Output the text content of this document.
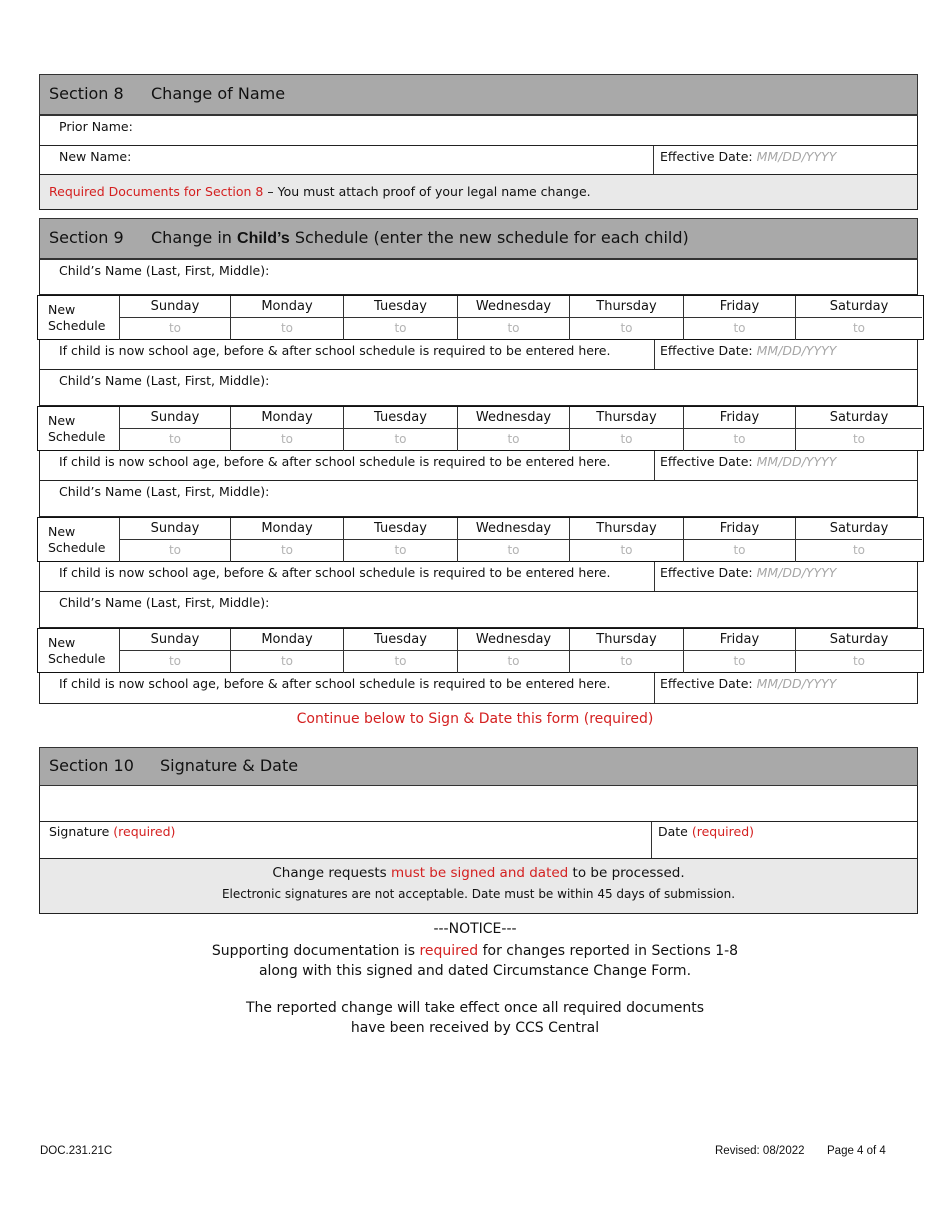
Section 8 Change of Name
Prior Name:
New Name:	Effective Date: MM/DD/YYYY
Required Documents for Section 8 – You must attach proof of your legal name change.
Section 9 Change in Child’s Schedule (enter the new schedule for each child)
Child’s Name (Last, First, Middle):
New
Schedule
Sunday	Monday	Tuesday	Wednesday	Thursday	Friday	Saturday
to	to	to	to	to	to	to
If child is now school age, before & after school schedule is required to be entered here.	Effective Date: MM/DD/YYYY
Child’s Name (Last, First, Middle):
New
Schedule
Sunday	Monday	Tuesday	Wednesday	Thursday	Friday	Saturday
to	to	to	to	to	to	to
If child is now school age, before & after school schedule is required to be entered here.	Effective Date: MM/DD/YYYY
Child’s Name (Last, First, Middle):
New
Schedule
Sunday	Monday	Tuesday	Wednesday	Thursday	Friday	Saturday
to	to	to	to	to	to	to
If child is now school age, before & after school schedule is required to be entered here.	Effective Date: MM/DD/YYYY
Child’s Name (Last, First, Middle):
New
Schedule
Sunday	Monday	Tuesday	Wednesday	Thursday	Friday	Saturday
to	to	to	to	to	to	to
If child is now school age, before & after school schedule is required to be entered here.	Effective Date: MM/DD/YYYY
Continue below to Sign & Date this form (required)
Section 10 Signature & Date
Signature (required)	Date (required)
Change requests must be signed and dated to be processed.
Electronic signatures are not acceptable. Date must be within 45 days of submission.
---NOTICE---
Supporting documentation is required for changes reported in Sections 1-8
along with this signed and dated Circumstance Change Form.
The reported change will take effect once all required documents
have been received by CCS Central
DOC.231.21C	Revised: 08/2022 Page 4 of 4
